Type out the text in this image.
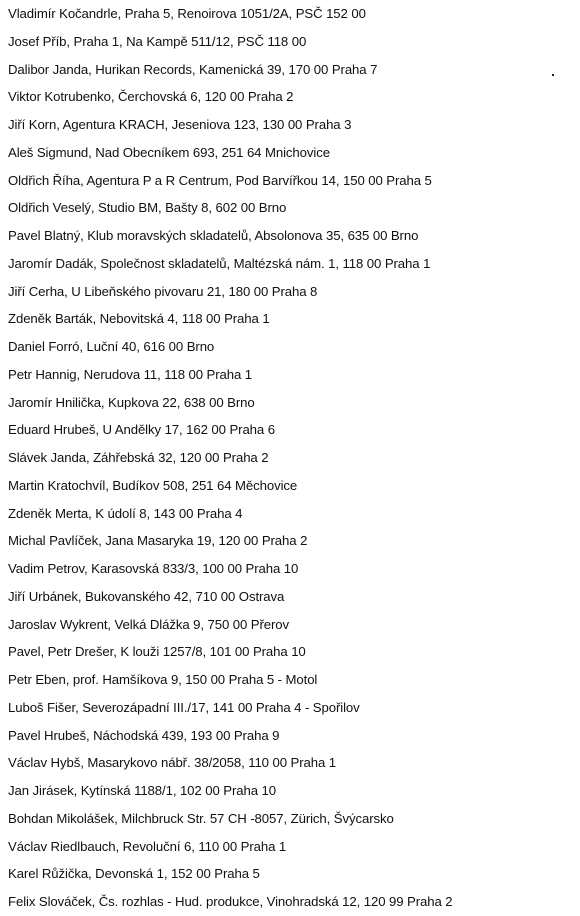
Vladimír Kočandrle, Praha 5, Renoirova 1051/2A, PSČ 152 00
Josef Příb, Praha 1, Na Kampě 511/12, PSČ 118 00
Dalibor Janda, Hurikan Records, Kamenická 39, 170 00 Praha 7
Viktor Kotrubenko, Čerchovská 6, 120 00 Praha 2
Jiří Korn, Agentura KRACH, Jeseniova 123, 130 00 Praha 3
Aleš Sigmund, Nad Obecníkem 693, 251 64 Mnichovice
Oldřich Říha, Agentura P a R Centrum, Pod Barvířkou 14, 150 00 Praha 5
Oldřich Veselý, Studio BM, Bašty 8, 602 00 Brno
Pavel Blatný, Klub moravských skladatelů, Absolonova 35, 635 00 Brno
Jaromír Dadák, Společnost skladatelů, Maltézská nám. 1, 118 00 Praha 1
Jiří Cerha, U Libeňského pivovaru 21, 180 00 Praha 8
Zdeněk Barták, Nebovitská 4, 118 00 Praha 1
Daniel Forró, Luční 40, 616 00 Brno
Petr Hannig, Nerudova 11, 118 00 Praha 1
Jaromír Hnilička, Kupkova 22, 638 00 Brno
Eduard Hrubeš, U Andělky 17, 162 00 Praha 6
Slávek Janda, Záhřebská 32, 120 00 Praha 2
Martin Kratochvíl, Budíkov 508, 251 64 Měchovice
Zdeněk Merta, K údolí 8, 143 00 Praha 4
Michal Pavlíček, Jana Masaryka 19, 120 00 Praha 2
Vadim Petrov, Karasovská 833/3, 100 00 Praha 10
Jiří Urbánek, Bukovanského 42, 710 00 Ostrava
Jaroslav Wykrent, Velká Dlážka 9, 750 00 Přerov
Pavel, Petr Drešer, K louži 1257/8, 101 00 Praha 10
Petr Eben, prof. Hamšíkova 9, 150 00 Praha 5 - Motol
Luboš Fišer, Severozápadní III./17, 141 00 Praha 4 - Spořilov
Pavel Hrubeš, Náchodská 439, 193 00 Praha 9
Václav Hybš, Masarykovo nábř. 38/2058, 110 00 Praha 1
Jan Jirásek, Kytínská 1188/1, 102 00 Praha 10
Bohdan Mikolášek, Milchbruck Str. 57 CH -8057, Zürich, Švýcarsko
Václav Riedlbauch, Revoluční 6, 110 00 Praha 1
Karel Růžička, Devonská 1, 152 00 Praha 5
Felix Slováček, Čs. rozhlas - Hud. produkce, Vinohradská 12, 120 99 Praha 2
